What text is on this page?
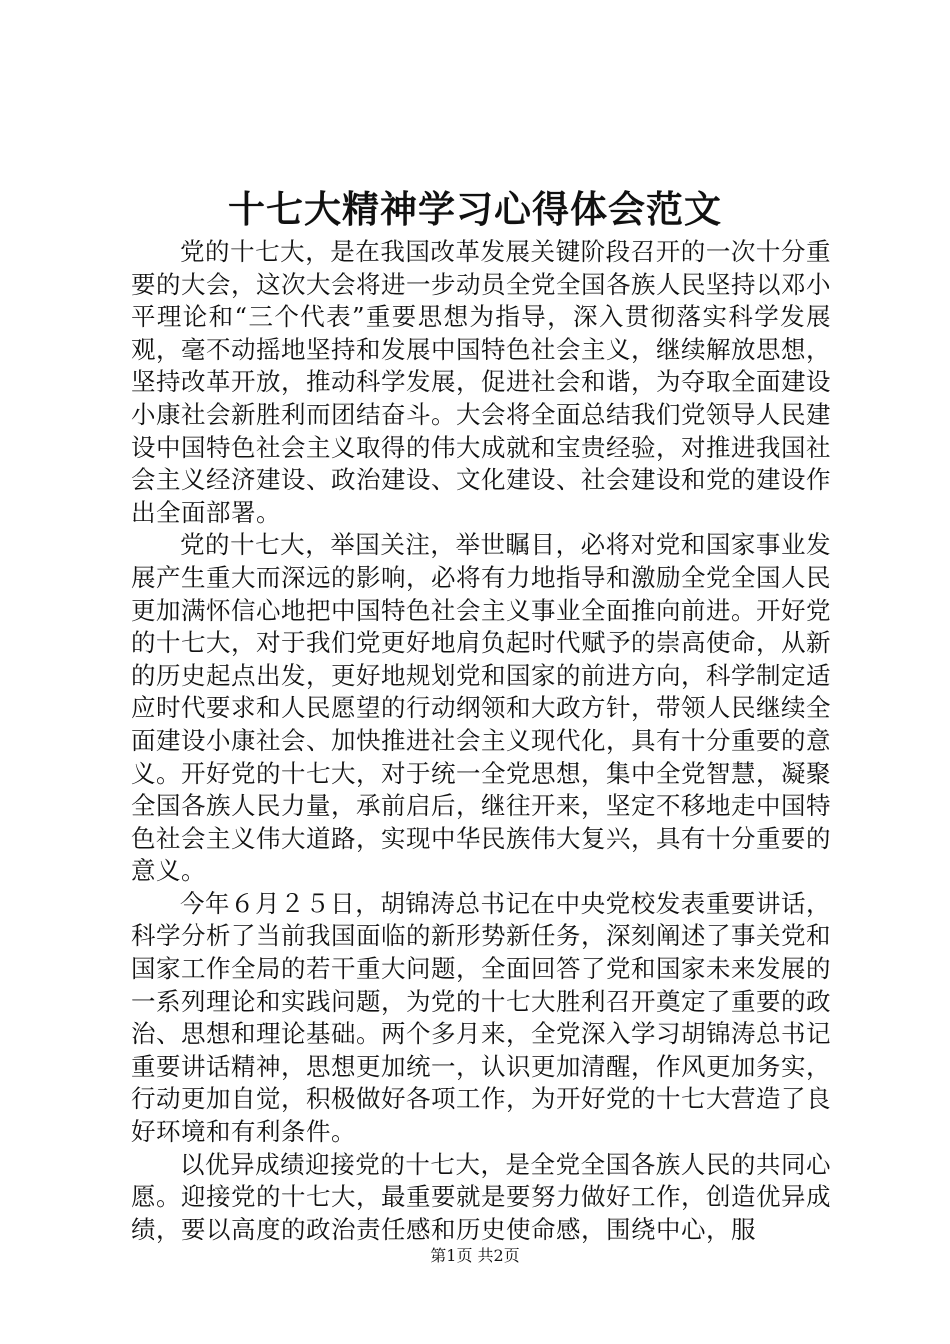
十七大精神学习心得体会范文

党的十七大，是在我国改革发展关键阶段召开的一次十分重要的大会，这次大会将进一步动员全党全国各族人民坚持以邓小平理论和“三个代表”重要思想为指导，深入贯彻落实科学发展观，毫不动摇地坚持和发展中国特色社会主义，继续解放思想，坚持改革开放，推动科学发展，促进社会和谐，为夺取全面建设小康社会新胜利而团结奋斗。大会将全面总结我们党领导人民建设中国特色社会主义取得的伟大成就和宝贵经验，对推进我国社会主义经济建设、政治建设、文化建设、社会建设和党的建设作出全面部署。

党的十七大，举国关注，举世瞩目，必将对党和国家事业发展产生重大而深远的影响，必将有力地指导和激励全党全国人民更加满怀信心地把中国特色社会主义事业全面推向前进。开好党的十七大，对于我们党更好地肩负起时代赋予的崇高使命，从新的历史起点出发，更好地规划党和国家的前进方向，科学制定适应时代要求和人民愿望的行动纲领和大政方针，带领人民继续全面建设小康社会、加快推进社会主义现代化，具有十分重要的意义。开好党的十七大，对于统一全党思想，集中全党智慧，凝聚全国各族人民力量，承前启后，继往开来，坚定不移地走中国特色社会主义伟大道路，实现中华民族伟大复兴，具有十分重要的意义。

今年６月２５日，胡锦涛总书记在中央党校发表重要讲话，科学分析了当前我国面临的新形势新任务，深刻阐述了事关党和国家工作全局的若干重大问题，全面回答了党和国家未来发展的一系列理论和实践问题，为党的十七大胜利召开奠定了重要的政治、思想和理论基础。两个多月来，全党深入学习胡锦涛总书记重要讲话精神，思想更加统一，认识更加清醒，作风更加务实，行动更加自觉，积极做好各项工作，为开好党的十七大营造了良好环境和有利条件。

以优异成绩迎接党的十七大，是全党全国各族人民的共同心愿。迎接党的十七大，最重要就是要努力做好工作，创造优异成绩，要以高度的政治责任感和历史使命感，围绕中心，服

第1页 共2页
